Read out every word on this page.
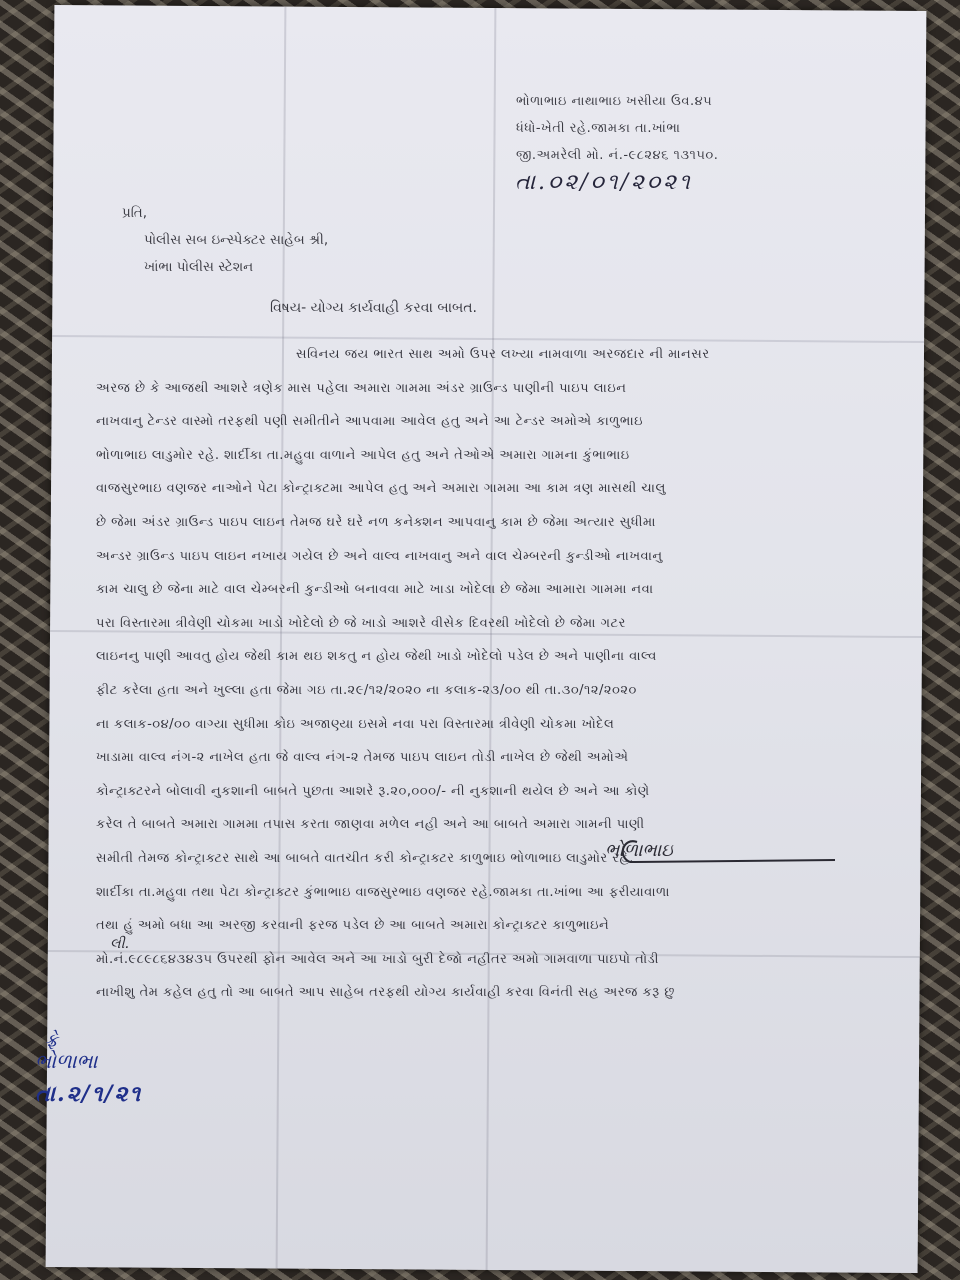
ભોળાભાઇ નાથાભાઇ ખસીયા ઉવ.૪૫
ધંધો-ખેતી રહે.જામકા તા.ખાંભા
જી.અમરેલી મો. નં.-૯૮૨૪૬ ૧૩૧૫૦.
તા.૦૨/૦૧/૨૦૨૧
પ્રતિ,
પોલીસ સબ ઇન્સ્પેક્ટર સાહેબ શ્રી,
ખાંભા પોલીસ સ્ટેશન
વિષય- યોગ્ય કાર્યવાહી કરવા બાબત.

સવિનય જય ભારત સાથ અમો ઉપર લખ્યા નામવાળા અરજદાર ની માનસર

અરજ છે કે આજથી આશરે ત્રણેક માસ પહેલા અમારા ગામમા અંડર ગ્રાઉન્ડ પાણીની પાઇપ લાઇન

નાખવાનુ ટેન્ડર વાસ્મો તરફથી પણી સમીતીને આપવામા આવેલ હતુ અને આ ટેન્ડર અમોએ કાળુભાઇ

ભોળાભાઇ લાડુમોર રહે. શાર્દીકા તા.મહુવા વાળાને આપેલ હતુ અને તેઓએ અમારા ગામના કુંભાભાઇ

વાજસુરભાઇ વણજર નાઓને પેટા કોન્ટ્રાક્ટમા આપેલ હતુ અને અમારા ગામમા આ કામ ત્રણ માસથી ચાલુ

છે જેમા અંડર ગ્રાઉન્ડ પાઇપ લાઇન તેમજ ઘરે ઘરે નળ કનેક્શન આપવાનુ કામ છે જેમા અત્યાર સુધીમા

અન્ડર ગ્રાઉન્ડ પાઇપ લાઇન નખાય ગયેલ છે અને વાલ્વ નાખવાનુ અને વાલ ચેમ્બરની કુન્ડીઓ નાખવાનુ

કામ ચાલુ છે જેના માટે વાલ ચેમ્બરની કુન્ડીઓ બનાવવા માટે ખાડા ખોદેલા છે જેમા આમારા ગામમા નવા

પરા વિસ્તારમા ત્રીવેણી ચોકમા ખાડો ખોદેલો છે જે ખાડો આશરે વીસેક દિવરથી ખોદેલો છે જેમા ગટર

લાઇનનુ પાણી આવતુ હોય જેથી કામ થઇ શકતુ ન હોય જેથી ખાડો ખોદેલો પડેલ છે અને પાણીના વાલ્વ

ફીટ કરેલા હતા અને ખુલ્લા હતા જેમા ગઇ તા.૨૯/૧૨/૨૦૨૦ ના કલાક-૨૩/૦૦ થી તા.૩૦/૧૨/૨૦૨૦

ના કલાક-૦૪/૦૦ વાગ્યા સુધીમા કોઇ અજાણ્યા ઇસમે નવા પરા વિસ્તારમા ત્રીવેણી ચોકમા ખોદેલ

ખાડામા વાલ્વ નંગ-૨ નાખેલ હતા જે વાલ્વ નંગ-૨ તેમજ પાઇપ લાઇન તોડી નાખેલ છે જેથી અમોએ

કોન્ટ્રાક્ટરને બોલાવી નુકશાની બાબતે પુછતા આશરે રૂ.૨૦,૦૦૦/- ની નુકશાની થયેલ છે અને આ કોણે

કરેલ તે બાબતે અમારા ગામમા તપાસ કરતા જાણવા મળેલ નહી અને આ બાબતે અમારા ગામની પાણી

સમીતી તેમજ કોન્ટ્રાક્ટર સાથે આ બાબતે વાતચીત કરી કોન્ટ્રાક્ટર કાળુભાઇ ભોળાભાઇ લાડુમોર રહે.

શાર્દીકા તા.મહુવા તથા પેટા કોન્ટ્રાક્ટર કુંભાભાઇ વાજસુરભાઇ વણજર રહે.જામકા તા.ખાંભા આ ફરીયાવાળા

તથા હું અમો બધા આ અરજી કરવાની ફરજ પડેલ છે આ બાબતે અમારા કોન્ટ્રાક્ટર કાળુભાઇને

મો.નં.૯૮૯૮૬૪૩૪૩૫ ઉપરથી ફોન આવેલ અને આ ખાડો બુરી દેજો નહીતર અમો ગામવાળા પાઇપો તોડી

નાખીશુ તેમ કહેલ હતુ તો આ બાબતે આપ સાહેબ તરફથી યોગ્ય કાર્યવાહી કરવા વિનંતી સહ અરજ કરૂ છુ

લી.
ભોળાભાઇ
ફ્રે
ભોળાભા
તા.૨/૧/૨૧
